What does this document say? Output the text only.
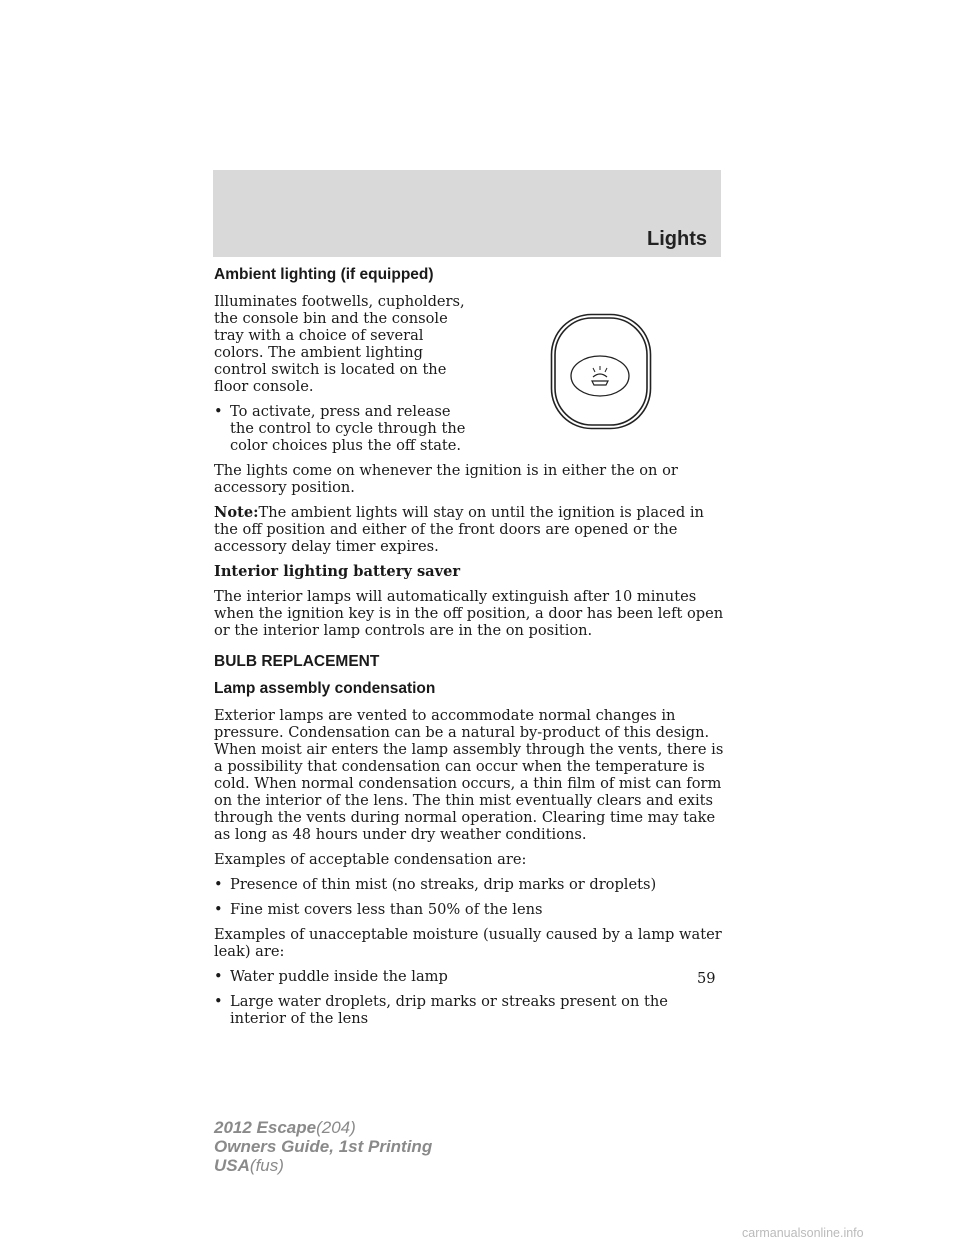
Lights
Ambient lighting (if equipped)

Illuminates footwells, cupholders, the console bin and the console tray with a choice of several colors. The ambient lighting control switch is located on the floor console.

• To activate, press and release the control to cycle through the color choices plus the off state.

The lights come on whenever the ignition is in either the on or accessory position.

Note:The ambient lights will stay on until the ignition is placed in the off position and either of the front doors are opened or the accessory delay timer expires.

Interior lighting battery saver

The interior lamps will automatically extinguish after 10 minutes when the ignition key is in the off position, a door has been left open or the interior lamp controls are in the on position.

BULB REPLACEMENT
Lamp assembly condensation

Exterior lamps are vented to accommodate normal changes in pressure. Condensation can be a natural by-product of this design. When moist air enters the lamp assembly through the vents, there is a possibility that condensation can occur when the temperature is cold. When normal condensation occurs, a thin film of mist can form on the interior of the lens. The thin mist eventually clears and exits through the vents during normal operation. Clearing time may take as long as 48 hours under dry weather conditions.

Examples of acceptable condensation are:

• Presence of thin mist (no streaks, drip marks or droplets)
• Fine mist covers less than 50% of the lens

Examples of unacceptable moisture (usually caused by a lamp water leak) are:

• Water puddle inside the lamp
• Large water droplets, drip marks or streaks present on the interior of the lens
59
2012 Escape(204)
Owners Guide, 1st Printing
USA(fus)
carmanualsonline.info
